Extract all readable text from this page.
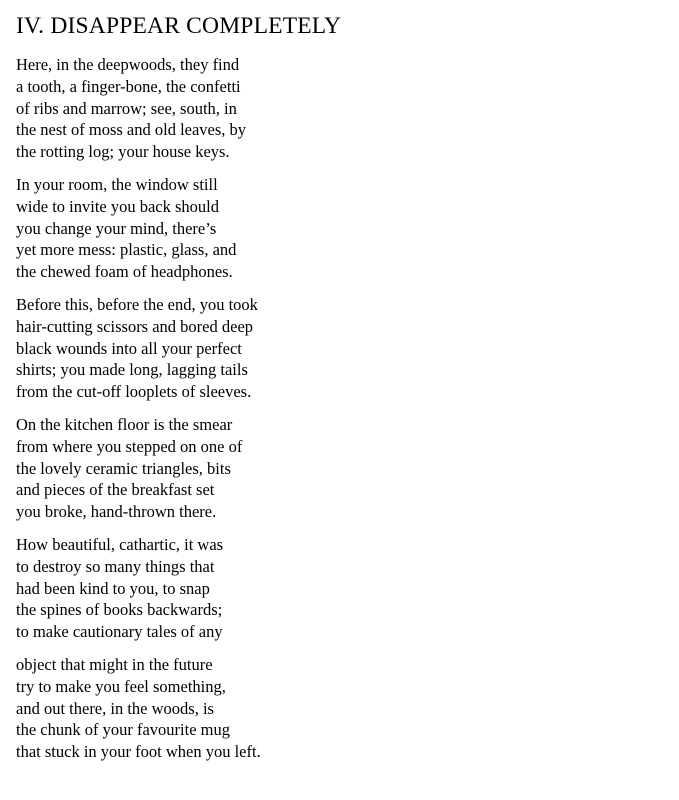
IV. DISAPPEAR COMPLETELY
Here, in the deepwoods, they find
a tooth, a finger-bone, the confetti
of ribs and marrow; see, south, in
the nest of moss and old leaves, by
the rotting log; your house keys.
In your room, the window still
wide to invite you back should
you change your mind, there’s
yet more mess: plastic, glass, and
the chewed foam of headphones.
Before this, before the end, you took
hair-cutting scissors and bored deep
black wounds into all your perfect
shirts; you made long, lagging tails
from the cut-off looplets of sleeves.
On the kitchen floor is the smear
from where you stepped on one of
the lovely ceramic triangles, bits
and pieces of the breakfast set
you broke, hand-thrown there.
How beautiful, cathartic, it was
to destroy so many things that
had been kind to you, to snap
the spines of books backwards;
to make cautionary tales of any
object that might in the future
try to make you feel something,
and out there, in the woods, is
the chunk of your favourite mug
that stuck in your foot when you left.
